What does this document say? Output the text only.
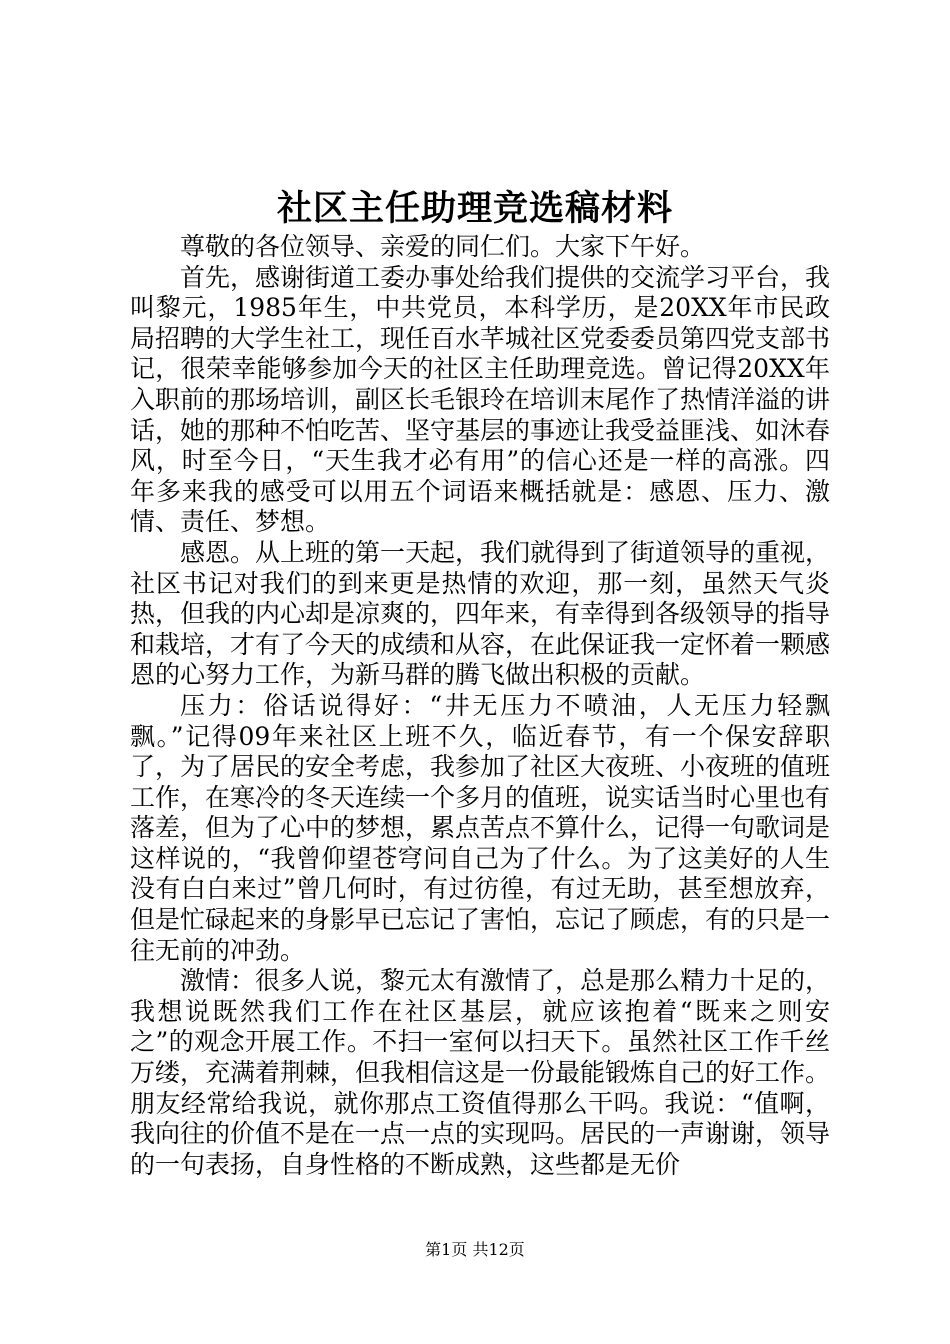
社区主任助理竞选稿材料

尊敬的各位领导、亲爱的同仁们。大家下午好。

首先，感谢街道工委办事处给我们提供的交流学习平台，我叫黎元，1985年生，中共党员，本科学历，是20XX年市民政局招聘的大学生社工，现任百水芊城社区党委委员第四党支部书记，很荣幸能够参加今天的社区主任助理竞选。曾记得20XX年入职前的那场培训，副区长毛银玲在培训末尾作了热情洋溢的讲话，她的那种不怕吃苦、坚守基层的事迹让我受益匪浅、如沐春风，时至今日，“天生我才必有用”的信心还是一样的高涨。四年多来我的感受可以用五个词语来概括就是：感恩、压力、激情、责任、梦想。

感恩。从上班的第一天起，我们就得到了街道领导的重视，社区书记对我们的到来更是热情的欢迎，那一刻，虽然天气炎热，但我的内心却是凉爽的，四年来，有幸得到各级领导的指导和栽培，才有了今天的成绩和从容，在此保证我一定怀着一颗感恩的心努力工作，为新马群的腾飞做出积极的贡献。

压力：俗话说得好：“井无压力不喷油，人无压力轻飘飘。”记得09年来社区上班不久，临近春节，有一个保安辞职了，为了居民的安全考虑，我参加了社区大夜班、小夜班的值班工作，在寒冷的冬天连续一个多月的值班，说实话当时心里也有落差，但为了心中的梦想，累点苦点不算什么，记得一句歌词是这样说的，“我曾仰望苍穹问自己为了什么。为了这美好的人生没有白白来过”曾几何时，有过彷徨，有过无助，甚至想放弃，但是忙碌起来的身影早已忘记了害怕，忘记了顾虑，有的只是一往无前的冲劲。

激情：很多人说，黎元太有激情了，总是那么精力十足的，我想说既然我们工作在社区基层，就应该抱着“既来之则安之”的观念开展工作。不扫一室何以扫天下。虽然社区工作千丝万缕，充满着荆棘，但我相信这是一份最能锻炼自己的好工作。朋友经常给我说，就你那点工资值得那么干吗。我说：“值啊，我向往的价值不是在一点一点的实现吗。居民的一声谢谢，领导的一句表扬，自身性格的不断成熟，这些都是无价

第1页 共12页
